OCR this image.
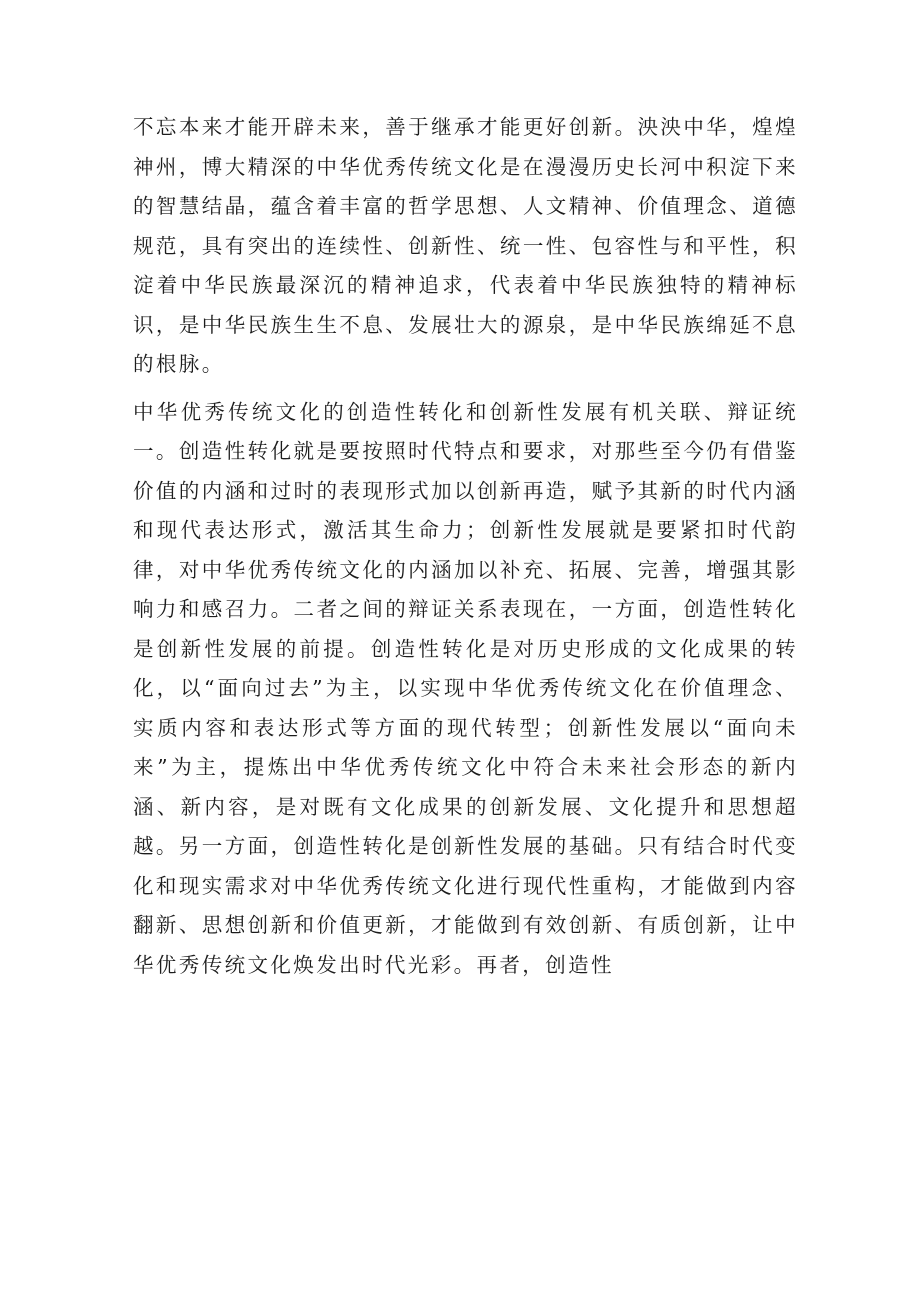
不忘本来才能开辟未来，善于继承才能更好创新。泱泱中华，煌煌神州，博大精深的中华优秀传统文化是在漫漫历史长河中积淀下来的智慧结晶，蕴含着丰富的哲学思想、人文精神、价值理念、道德规范，具有突出的连续性、创新性、统一性、包容性与和平性，积淀着中华民族最深沉的精神追求，代表着中华民族独特的精神标识，是中华民族生生不息、发展壮大的源泉，是中华民族绵延不息的根脉。

中华优秀传统文化的创造性转化和创新性发展有机关联、辩证统一。创造性转化就是要按照时代特点和要求，对那些至今仍有借鉴价值的内涵和过时的表现形式加以创新再造，赋予其新的时代内涵和现代表达形式，激活其生命力；创新性发展就是要紧扣时代韵律，对中华优秀传统文化的内涵加以补充、拓展、完善，增强其影响力和感召力。二者之间的辩证关系表现在，一方面，创造性转化是创新性发展的前提。创造性转化是对历史形成的文化成果的转化，以“面向过去”为主，以实现中华优秀传统文化在价值理念、实质内容和表达形式等方面的现代转型；创新性发展以“面向未来”为主，提炼出中华优秀传统文化中符合未来社会形态的新内涵、新内容，是对既有文化成果的创新发展、文化提升和思想超越。另一方面，创造性转化是创新性发展的基础。只有结合时代变化和现实需求对中华优秀传统文化进行现代性重构，才能做到内容翻新、思想创新和价值更新，才能做到有效创新、有质创新，让中华优秀传统文化焕发出时代光彩。再者，创造性
